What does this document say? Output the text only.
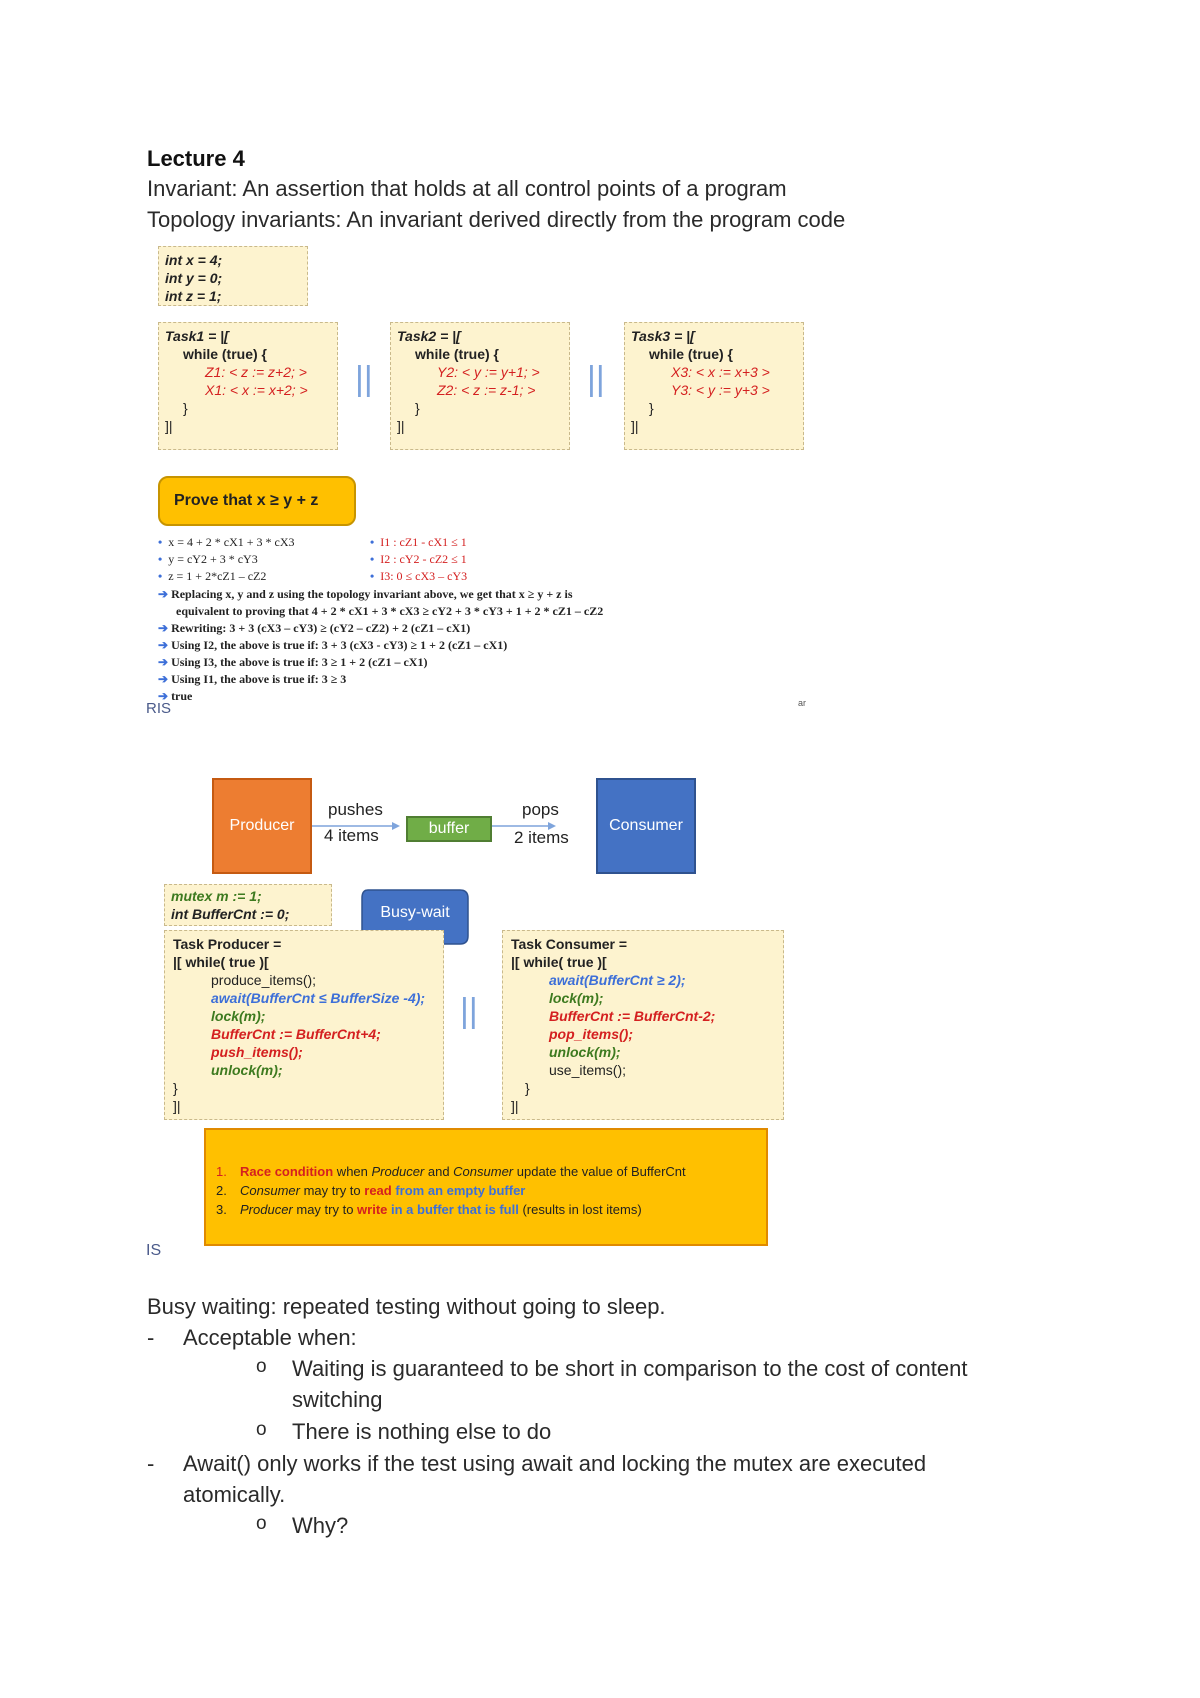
Lecture 4
Invariant: An assertion that holds at all control points of a program
Topology invariants: An invariant derived directly from the program code
int x = 4;
int y = 0;
int z = 1;
Task1 = |[
while (true) {
Z1: < z := z+2; >
X1: < x := x+2; >
}
]|
||
Task2 = |[
while (true) {
Y2: < y := y+1; >
Z2: < z := z-1; >
}
]|
||
Task3 = |[
while (true) {
X3: < x := x+3 >
Y3: < y := y+3 >
}
]|
Prove that x ≥ y + z
•  x = 4 + 2 * cX1 + 3 * cX3
•  y = cY2 + 3 * cY3
•  z = 1 + 2*cZ1 – cZ2
•  I1 : cZ1 - cX1 ≤ 1
•  I2 : cY2 - cZ2 ≤ 1
•  I3: 0 ≤ cX3 – cY3
➔ Replacing x, y and z using the topology invariant above, we get that x ≥ y + z is
equivalent to proving that 4 + 2 * cX1 + 3 * cX3 ≥ cY2 + 3 * cY3 + 1 + 2 * cZ1 – cZ2
➔ Rewriting: 3 + 3 (cX3 – cY3) ≥ (cY2 – cZ2) + 2 (cZ1 – cX1)
➔ Using I2, the above is true if: 3 + 3 (cX3 - cY3) ≥ 1 + 2 (cZ1 – cX1)
➔ Using I3, the above is true if: 3 ≥ 1 + 2 (cZ1 – cX1)
➔ Using I1, the above is true if: 3 ≥ 3
➔ true
RIS	ar
Producer
pushes
4 items	buffer
pops
2 items
Consumer
mutex m := 1;
int BufferCnt := 0;	Busy-wait
Task Producer =
|[ while( true )[
produce_items();
await(BufferCnt ≤ BufferSize -4);
lock(m);
BufferCnt := BufferCnt+4;
push_items();
unlock(m);
}
]|
||
Task Consumer =
|[ while( true )[
await(BufferCnt ≥ 2);
lock(m);
BufferCnt := BufferCnt-2;
pop_items();
unlock(m);
use_items();
}
]|
1. Race condition when Producer and Consumer update the value of BufferCnt
2. Consumer may try to read from an empty buffer
3. Producer may try to write in a buffer that is full (results in lost items)
IS
Busy waiting: repeated testing without going to sleep.
- Acceptable when:
o Waiting is guaranteed to be short in comparison to the cost of content
switching
o There is nothing else to do
- Await() only works if the test using await and locking the mutex are executed
atomically.
o Why?
